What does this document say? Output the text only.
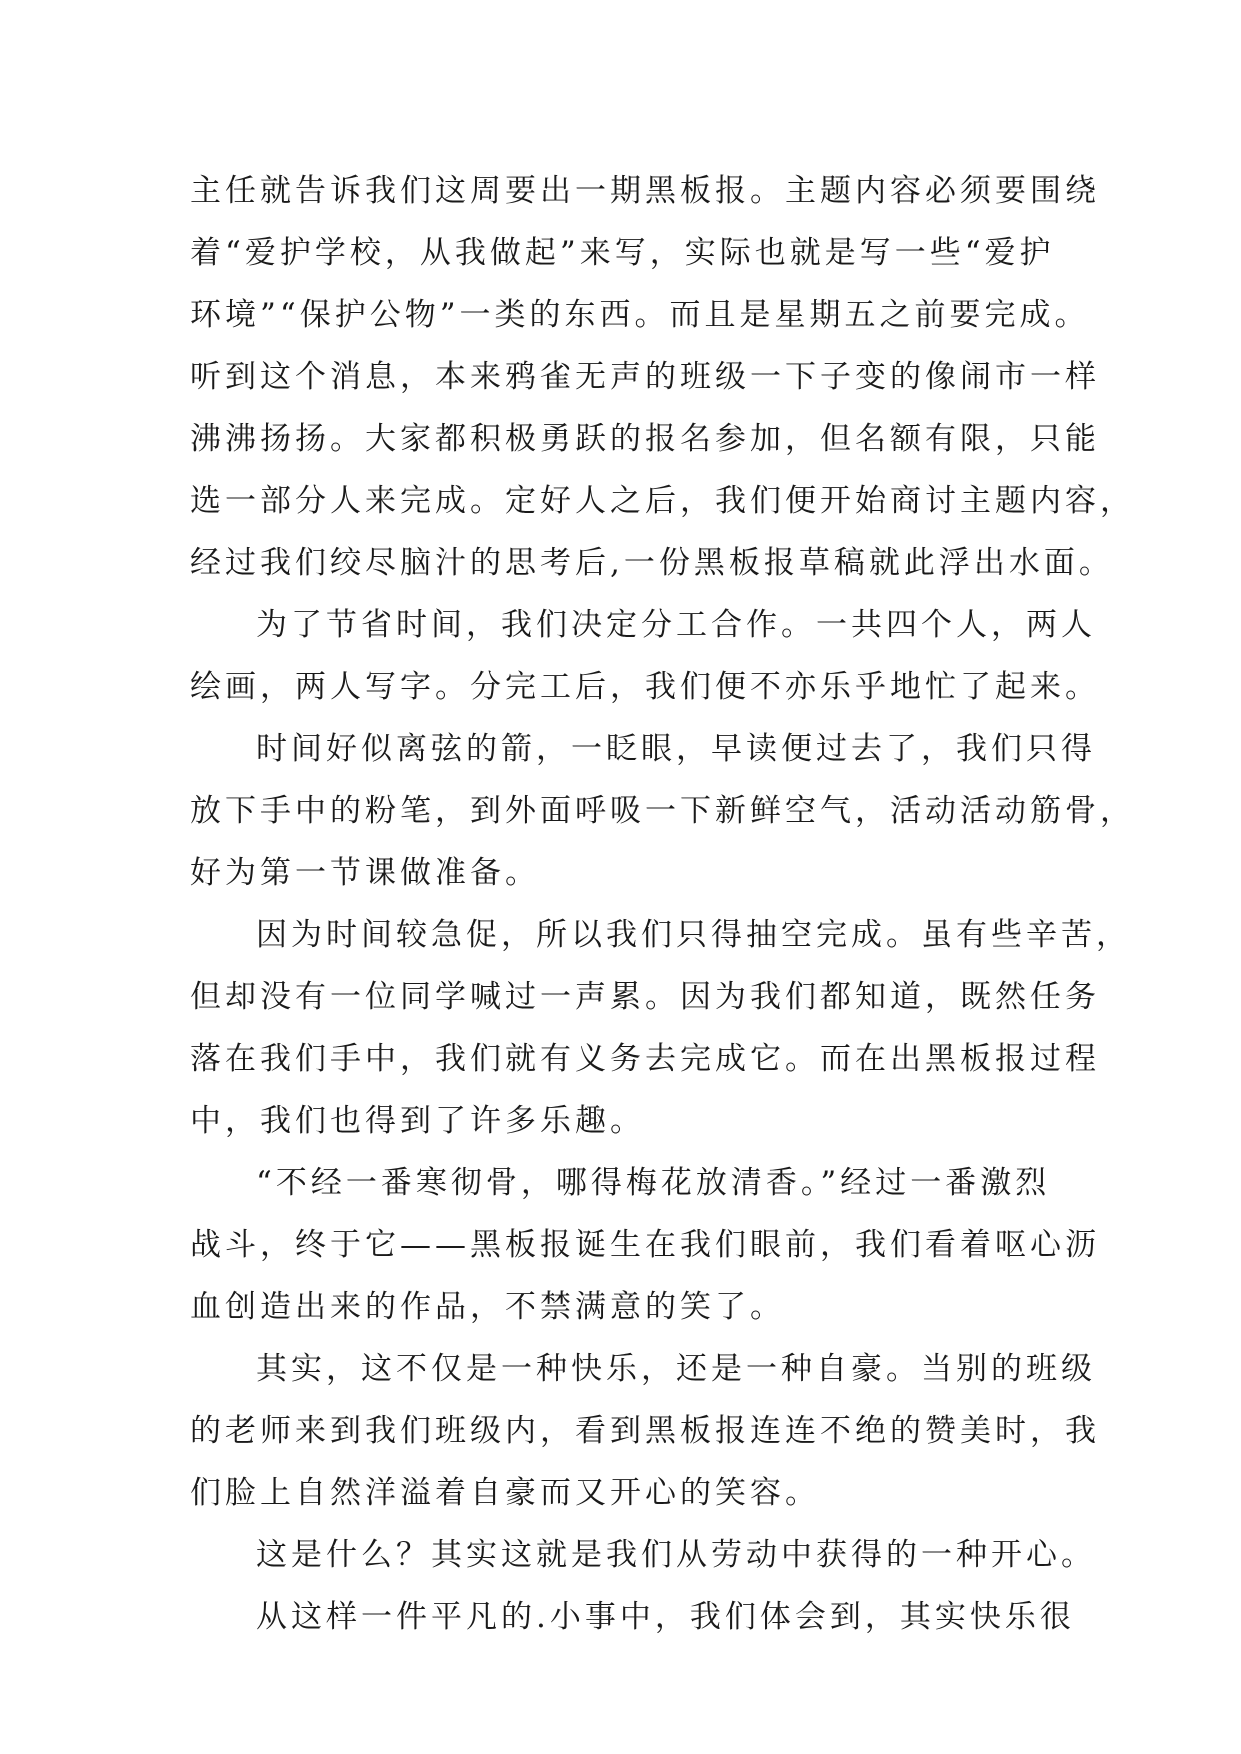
主任就告诉我们这周要出一期黑板报。主题内容必须要围绕
着“爱护学校，从我做起”来写，实际也就是写一些“爱护
环境”“保护公物”一类的东西。而且是星期五之前要完成。
听到这个消息，本来鸦雀无声的班级一下子变的像闹市一样
沸沸扬扬。大家都积极勇跃的报名参加，但名额有限，只能
选一部分人来完成。定好人之后，我们便开始商讨主题内容，
经过我们绞尽脑汁的思考后,一份黑板报草稿就此浮出水面。
为了节省时间，我们决定分工合作。一共四个人，两人
绘画，两人写字。分完工后，我们便不亦乐乎地忙了起来。
时间好似离弦的箭，一眨眼，早读便过去了，我们只得
放下手中的粉笔，到外面呼吸一下新鲜空气，活动活动筋骨，
好为第一节课做准备。
因为时间较急促，所以我们只得抽空完成。虽有些辛苦，
但却没有一位同学喊过一声累。因为我们都知道，既然任务
落在我们手中，我们就有义务去完成它。而在出黑板报过程
中，我们也得到了许多乐趣。
“不经一番寒彻骨，哪得梅花放清香。”经过一番激烈
战斗，终于它——黑板报诞生在我们眼前，我们看着呕心沥
血创造出来的作品，不禁满意的笑了。
其实，这不仅是一种快乐，还是一种自豪。当别的班级
的老师来到我们班级内，看到黑板报连连不绝的赞美时，我
们脸上自然洋溢着自豪而又开心的笑容。
这是什么？其实这就是我们从劳动中获得的一种开心。
从这样一件平凡的.小事中，我们体会到，其实快乐很
